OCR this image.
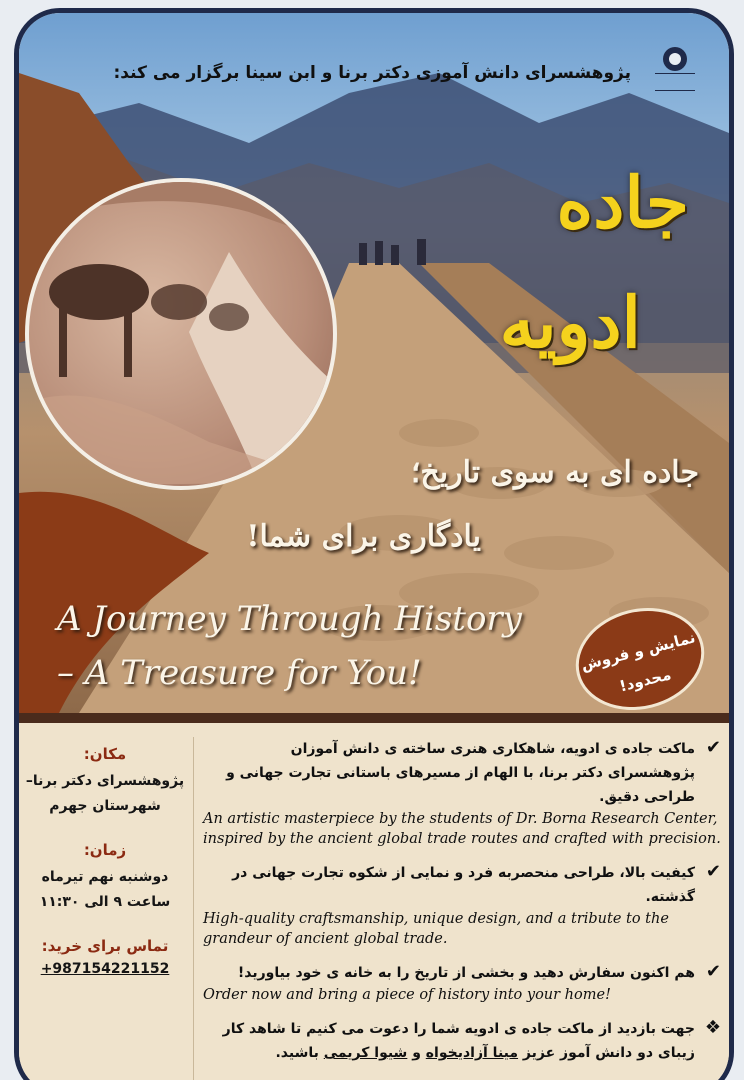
پژوهشسرای دانش آموزی دکتر برنا و ابن سینا برگزار می کند:
جاده
ادویه
جاده ای به سوی تاریخ؛
یادگاری برای شما!
A Journey Through History
– A Treasure for You!	نمایش و فروش
محدود!
مکان:
پژوهشسرای دکتر برنا–
شهرستان جهرم
زمان:
دوشنبه نهم تیرماه
ساعت ۹ الی ۱۱:۳۰
تماس برای خرید:
+987154221152
✔
ماکت جاده ی ادویه، شاهکاری هنری ساخته ی دانش آموزان پژوهشسرای دکتر برنا، با الهام از مسیرهای باستانی تجارت جهانی و طراحی دقیق.
An artistic masterpiece by the students of Dr. Borna Research Center, inspired by the ancient global trade routes and crafted with precision.
✔
کیفیت بالا، طراحی منحصربه فرد و نمایی از شکوه تجارت جهانی در گذشته.
High-quality craftsmanship, unique design, and a tribute to the grandeur of ancient global trade.
✔
هم اکنون سفارش دهید و بخشی از تاریخ را به خانه ی خود بیاورید!
Order now and bring a piece of history into your home!
❖
جهت بازدید از ماکت جاده ی ادویه شما را دعوت می کنیم تا شاهد کار زیبای دو دانش آموز عزیز مینا آزادیخواه و شیوا کریمی باشید.
